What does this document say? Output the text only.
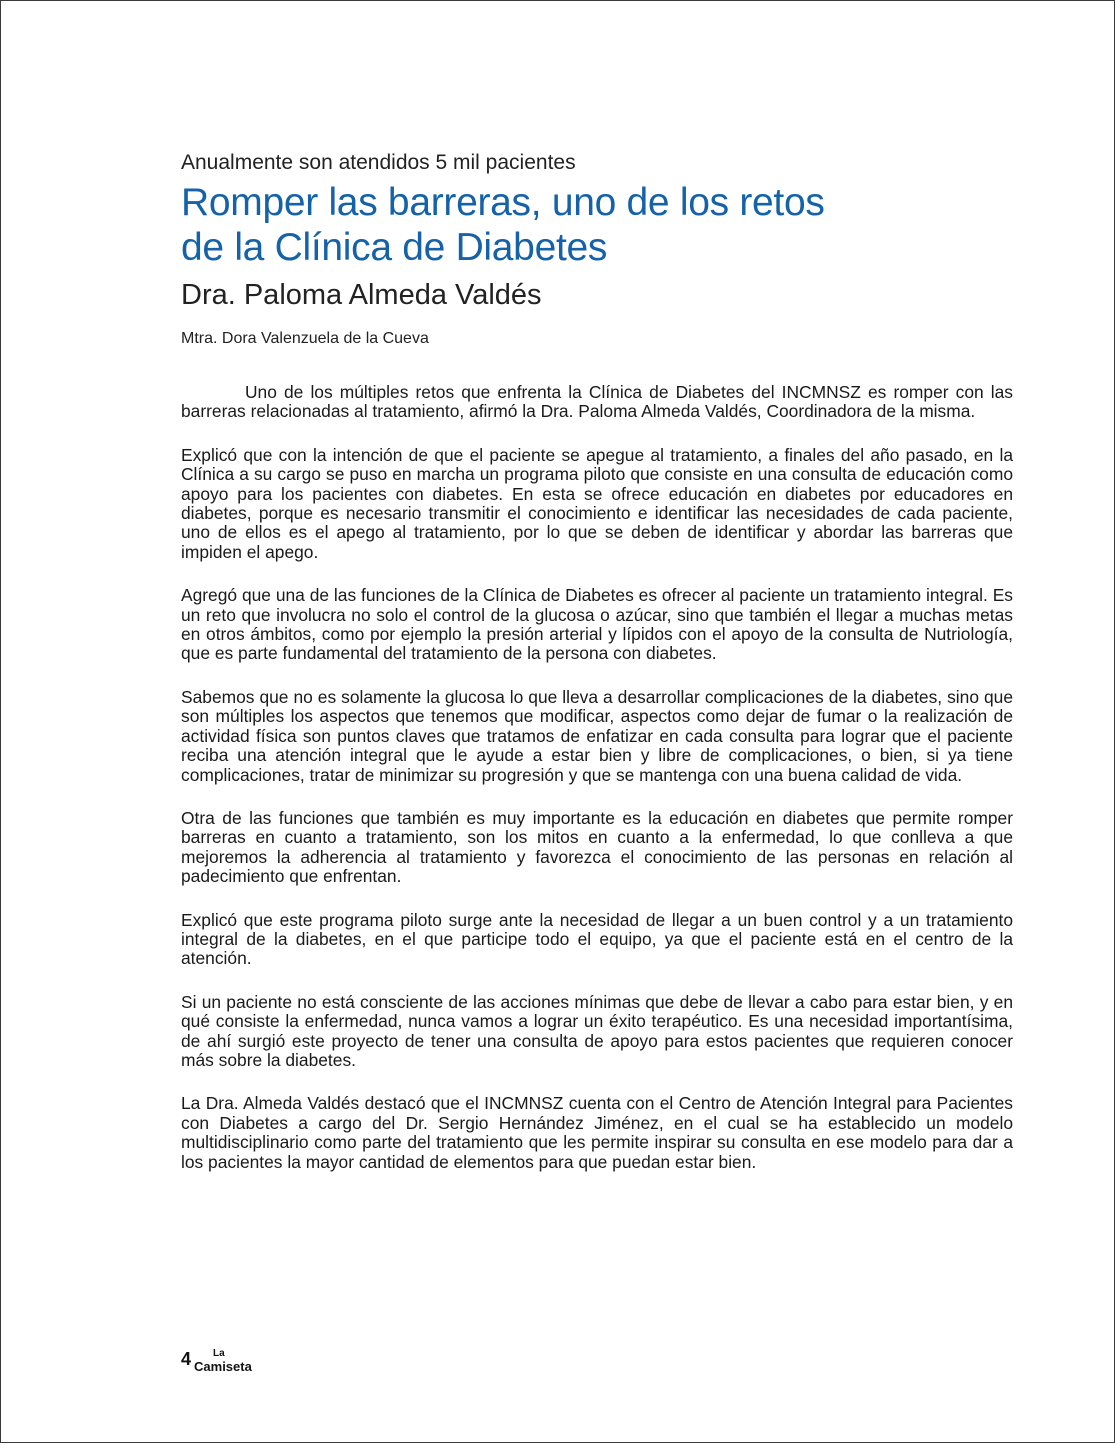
Anualmente son atendidos 5 mil pacientes

Romper las barreras, uno de los retos
de la Clínica de Diabetes
Dra. Paloma Almeda Valdés

Mtra. Dora Valenzuela de la Cueva

Uno de los múltiples retos que enfrenta la Clínica de Diabetes del INCMNSZ es romper con las barreras relacionadas al tratamiento, afirmó la Dra. Paloma Almeda Valdés, Coordinadora de la misma.

Explicó que con la intención de que el paciente se apegue al tratamiento, a finales del año pasado, en la Clínica a su cargo se puso en marcha un programa piloto que consiste en una consulta de educación como apoyo para los pacientes con diabetes. En esta se ofrece educación en diabetes por educadores en diabetes, porque es necesario transmitir el conocimiento e identificar las necesidades de cada paciente, uno de ellos es el apego al tratamiento, por lo que se deben de identificar y abordar las barreras que impiden el apego.

Agregó que una de las funciones de la Clínica de Diabetes es ofrecer al paciente un tratamiento integral. Es un reto que involucra no solo el control de la glucosa o azúcar, sino que también el llegar a muchas metas en otros ámbitos, como por ejemplo la presión arterial y lípidos con el apoyo de la consulta de Nutriología, que es parte fundamental del tratamiento de la persona con diabetes.

Sabemos que no es solamente la glucosa lo que lleva a desarrollar complicaciones de la diabetes, sino que son múltiples los aspectos que tenemos que modificar, aspectos como dejar de fumar o la realización de actividad física son puntos claves que tratamos de enfatizar en cada consulta para lograr que el paciente reciba una atención integral que le ayude a estar bien y libre de complicaciones, o bien, si ya tiene complicaciones, tratar de minimizar su progresión y que se mantenga con una buena calidad de vida.

Otra de las funciones que también es muy importante es la educación en diabetes que permite romper barreras en cuanto a tratamiento, son los mitos en cuanto a la enfermedad, lo que conlleva a que mejoremos la adherencia al tratamiento y favorezca el conocimiento de las personas en relación al padecimiento que enfrentan.

Explicó que este programa piloto surge ante la necesidad de llegar a un buen control y a un tratamiento integral de la diabetes, en el que participe todo el equipo, ya que el paciente está en el centro de la atención.

Si un paciente no está consciente de las acciones mínimas que debe de llevar a cabo para estar bien, y en qué consiste la enfermedad, nunca vamos a lograr un éxito terapéutico. Es una necesidad importantísima, de ahí surgió este proyecto de tener una consulta de apoyo para estos pacientes que requieren conocer más sobre la diabetes.

La Dra. Almeda Valdés destacó que el INCMNSZ cuenta con el Centro de Atención Integral para Pacientes con Diabetes a cargo del Dr. Sergio Hernández Jiménez, en el cual se ha establecido un modelo multidisciplinario como parte del tratamiento que les permite inspirar su consulta en ese modelo para dar a los pacientes la mayor cantidad de elementos para que puedan estar bien.

4 La
Camiseta
